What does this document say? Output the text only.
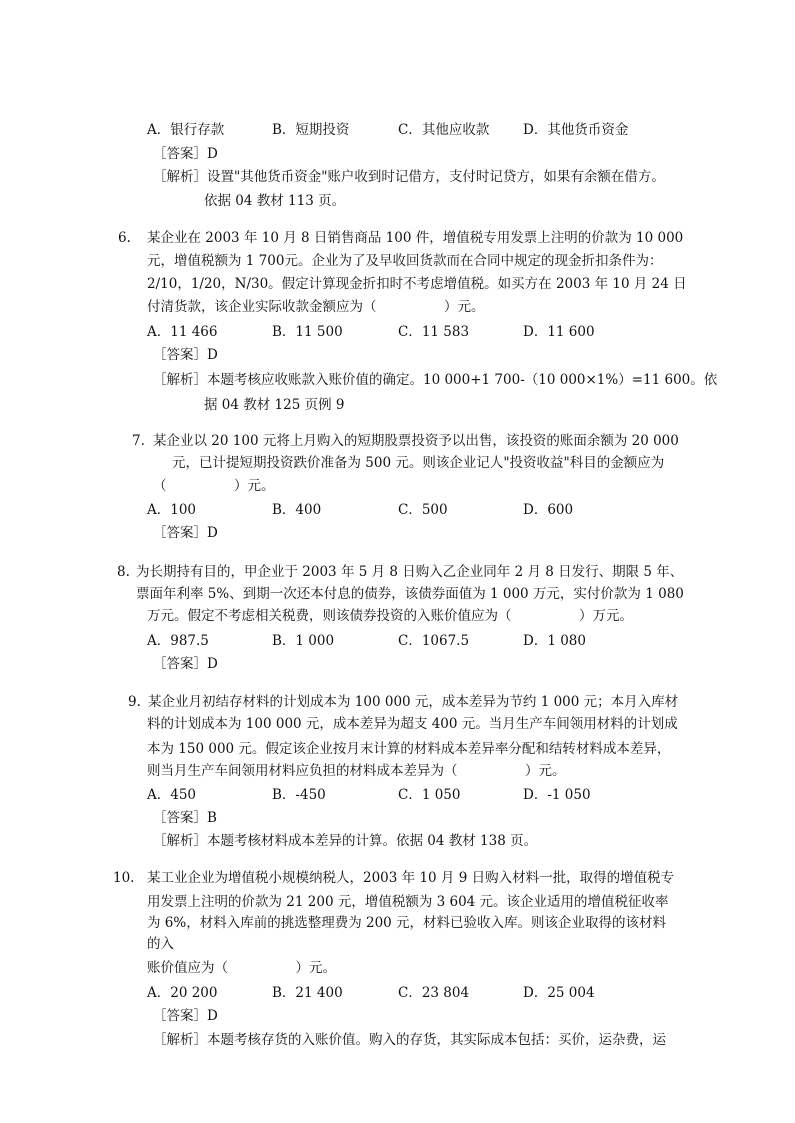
A．银行存款	B．短期投资	C．其他应收款 D．其他货币资金
［答案］D
［解析］设置"其他货币资金"账户收到时记借方，支付时记贷方，如果有余额在借方。
依据 04 教材 113 页。
6. 某企业在 2003 年 10 月 8 日销售商品 100 件，增值税专用发票上注明的价款为 10 000
元，增值税额为 1 700元。企业为了及早收回货款而在合同中规定的现金折扣条件为：
2/10，1/20，N/30。假定计算现金折扣时不考虑增值税。如买方在 2003 年 10 月 24 日
付清货款，该企业实际收款金额应为（　　　　　）元。
A．11 466	B．11 500	C．11 583	D．11 600
［答案］D
［解析］本题考核应收账款入账价值的确定。10 000+1 700-（10 000×1%）=11 600。依
据 04 教材 125 页例 9
7. 某企业以 20 100 元将上月购入的短期股票投资予以出售，该投资的账面余额为 20 000
元，已计提短期投资跌价准备为 500 元。则该企业记人"投资收益"科目的金额应为
（　　　　　）元。
A．100	B．400	C．500	D．600
［答案］D
8. 为长期持有目的，甲企业于 2003 年 5 月 8 日购入乙企业同年 2 月 8 日发行、期限 5 年、
票面年利率 5%、到期一次还本付息的债券，该债券面值为 1 000 万元，实付价款为 1 080
万元。假定不考虑相关税费，则该债券投资的入账价值应为（　　　　　）万元。
A．987.5	B．1 000	C．1067.5	D．1 080
［答案］D
9. 某企业月初结存材料的计划成本为 100 000 元，成本差异为节约 1 000 元；本月入库材
料的计划成本为 100 000 元，成本差异为超支 400 元。当月生产车间领用材料的计划成
本为 150 000 元。假定该企业按月末计算的材料成本差异率分配和结转材料成本差异，
则当月生产车间领用材料应负担的材料成本差异为（　　　　　）元。
A．450	B．-450	C．1 050	D．-1 050
［答案］B
［解析］本题考核材料成本差异的计算。依据 04 教材 138 页。
10. 某工业企业为增值税小规模纳税人，2003 年 10 月 9 日购入材料一批，取得的增值税专
用发票上注明的价款为 21 200 元，增值税额为 3 604 元。该企业适用的增值税征收率
为 6%，材料入库前的挑选整理费为 200 元，材料已验收入库。则该企业取得的该材料
的入
账价值应为（　　　　　）元。
A．20 200	B．21 400	C．23 804	D．25 004
［答案］D
［解析］本题考核存货的入账价值。购入的存货，其实际成本包括：买价，运杂费，运
